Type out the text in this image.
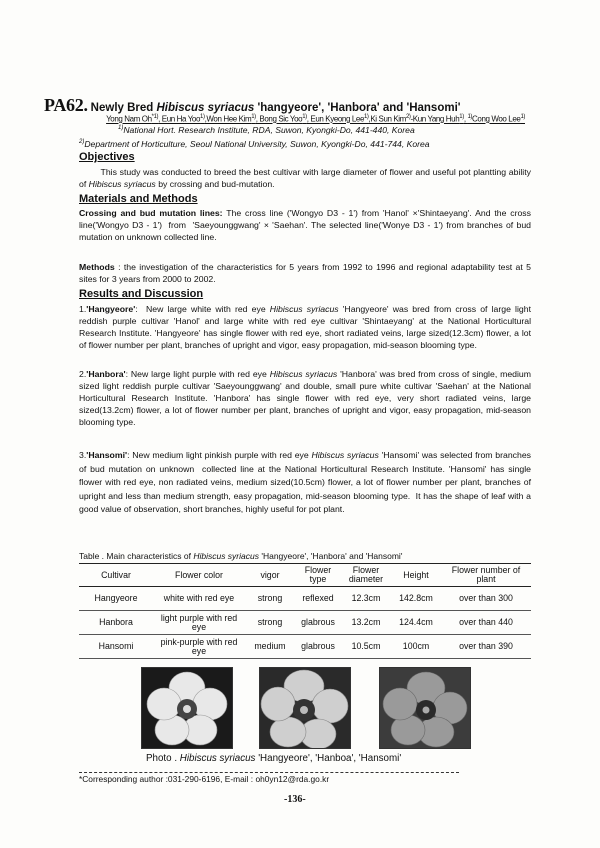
PA62. Newly Bred Hibiscus syriacus 'hangyeore', 'Hanbora' and 'Hansomi'
Yong Nam Oh$^{*1)}$, Eun Ha Yoo$^{1)}$,Won Hee Kim$^{1)}$, Bong Sic Yoo$^{1)}$, Eun Kyeong Lee$^{1)}$,Ki Sun Kim$^{2)}$-Kun Yang Huh$^{1)}$, $^{1)}$Cong Woo Lee$^{1)}$
$^{1)}$National Hort. Research Institute, RDA, Suwon, Kyongki-Do, 441-440, Korea
$^{2)}$Department of Horticulture, Seoul National University, Suwon, Kyongki-Do, 441-744, Korea
Objectives
This study was conducted to breed the best cultivar with large diameter of flower and useful pot plantting ability of Hibiscus syriacus by crossing and bud-mutation.
Materials and Methods
Crossing and bud mutation lines: The cross line ('Wongyo D3 - 1') from 'Hanol' ×'Shintaeyang'. And the cross line('Wongyo D3 - 1')  from  'Saeyounggwang' × 'Saehan'. The selected line('Wonye D3 - 1') from branches of bud mutation on unknown collected line.
Methods : the investigation of the characteristics for 5 years from 1992 to 1996 and regional adaptability test at 5 sites for 3 years from 2000 to 2002.
Results and Discussion
1.'Hangyeore':  New large white with red eye Hibiscus syriacus 'Hangyeore' was bred from cross of large light reddish purple cultivar 'Hanol' and large white with red eye cultivar 'Shintaeyang' at the National Horticultural Research Institute. 'Hangyeore' has single flower with red eye, short radiated veins, large sized(12.3cm) flower, a lot of flower number per plant, branches of upright and vigor, easy propagation, mid-season blooming type.
2.'Hanbora': New large light purple with red eye Hibiscus syriacus 'Hanbora' was bred from cross of single, medium sized light reddish purple cultivar 'Saeyounggwang' and double, small pure white cultivar 'Saehan' at the National Horticultural Research Institute. 'Hanbora' has single flower with red eye, very short radiated veins, large sized(13.2cm) flower, a lot of flower number per plant, branches of upright and vigor, easy propagation, mid-season blooming type.
3.'Hansomi': New medium light pinkish purple with red eye Hibiscus syriacus 'Hansomi' was selected from branches of bud mutation on unknown  collected line at the National Horticultural Research Institute. 'Hansomi' has single flower with red eye, non radiated veins, medium sized(10.5cm) flower, a lot of flower number per plant, branches of upright and less than medium strength, easy propagation, mid-season blooming type.  It has the shape of leaf with a good value of observation, short branches, highly useful for pot plant.
Table . Main characteristics of Hibiscus syriacus 'Hangyeore', 'Hanbora' and 'Hansomi'
Cultivar	Flower color	vigor	Flower type	Flower diameter	Height	Flower number of plant
Hangyeore	white with red eye	strong	reflexed	12.3cm	142.8cm	over than 300
Hanbora	light purple with red eye	strong	glabrous	13.2cm	124.4cm	over than 440
Hansomi	pink-purple with red eye	medium	glabrous	10.5cm	100cm	over than 390
Photo . Hibiscus syriacus 'Hangyeore', 'Hanboa', 'Hansomi'
*Corresponding author :031-290-6196, E-mail : oh0yn12@rda.go.kr
-136-
